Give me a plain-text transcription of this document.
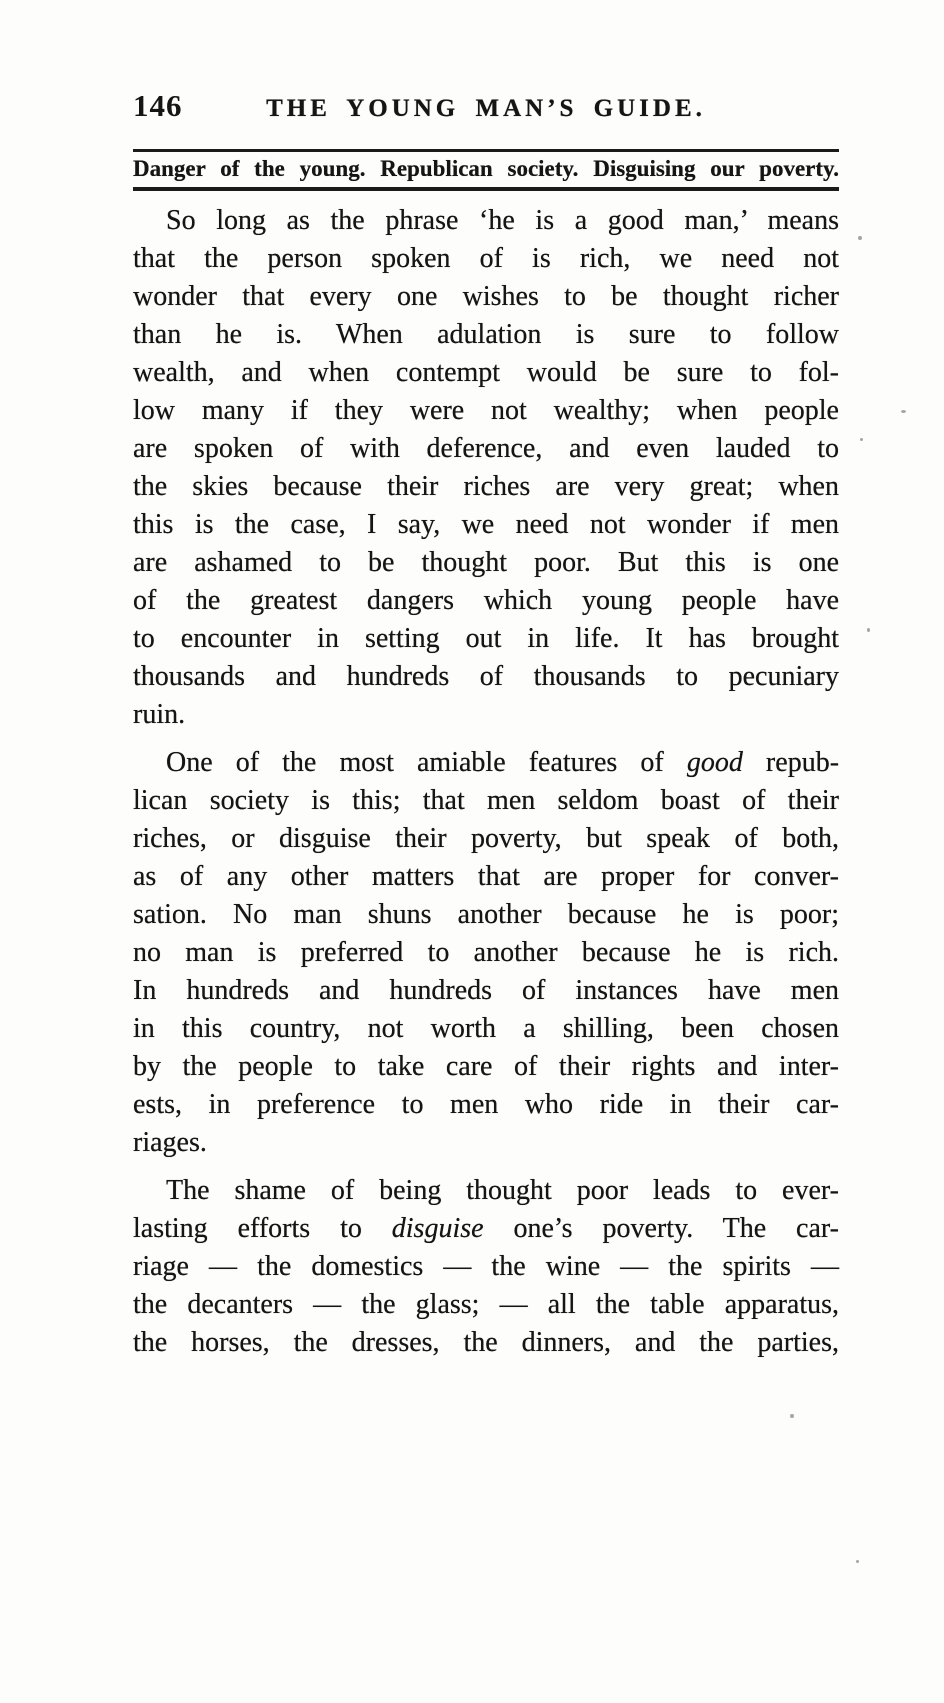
146	THE YOUNG MAN’S GUIDE.
Danger of the young. Republican society. Disguising our poverty.
So long as the phrase ‘he is a good man,’ means
that the person spoken of is rich, we need not
wonder that every one wishes to be thought richer
than he is. When adulation is sure to follow
wealth, and when contempt would be sure to fol-
low many if they were not wealthy; when people
are spoken of with deference, and even lauded to
the skies because their riches are very great; when
this is the case, I say, we need not wonder if men
are ashamed to be thought poor. But this is one
of the greatest dangers which young people have
to encounter in setting out in life. It has brought
thousands and hundreds of thousands to pecuniary
ruin.
One of the most amiable features of good repub-
lican society is this; that men seldom boast of their
riches, or disguise their poverty, but speak of both,
as of any other matters that are proper for conver-
sation. No man shuns another because he is poor;
no man is preferred to another because he is rich.
In hundreds and hundreds of instances have men
in this country, not worth a shilling, been chosen
by the people to take care of their rights and inter-
ests, in preference to men who ride in their car-
riages.
The shame of being thought poor leads to ever-
lasting efforts to disguise one’s poverty. The car-
riage — the domestics — the wine — the spirits —
the decanters — the glass; — all the table apparatus,
the horses, the dresses, the dinners, and the parties,
